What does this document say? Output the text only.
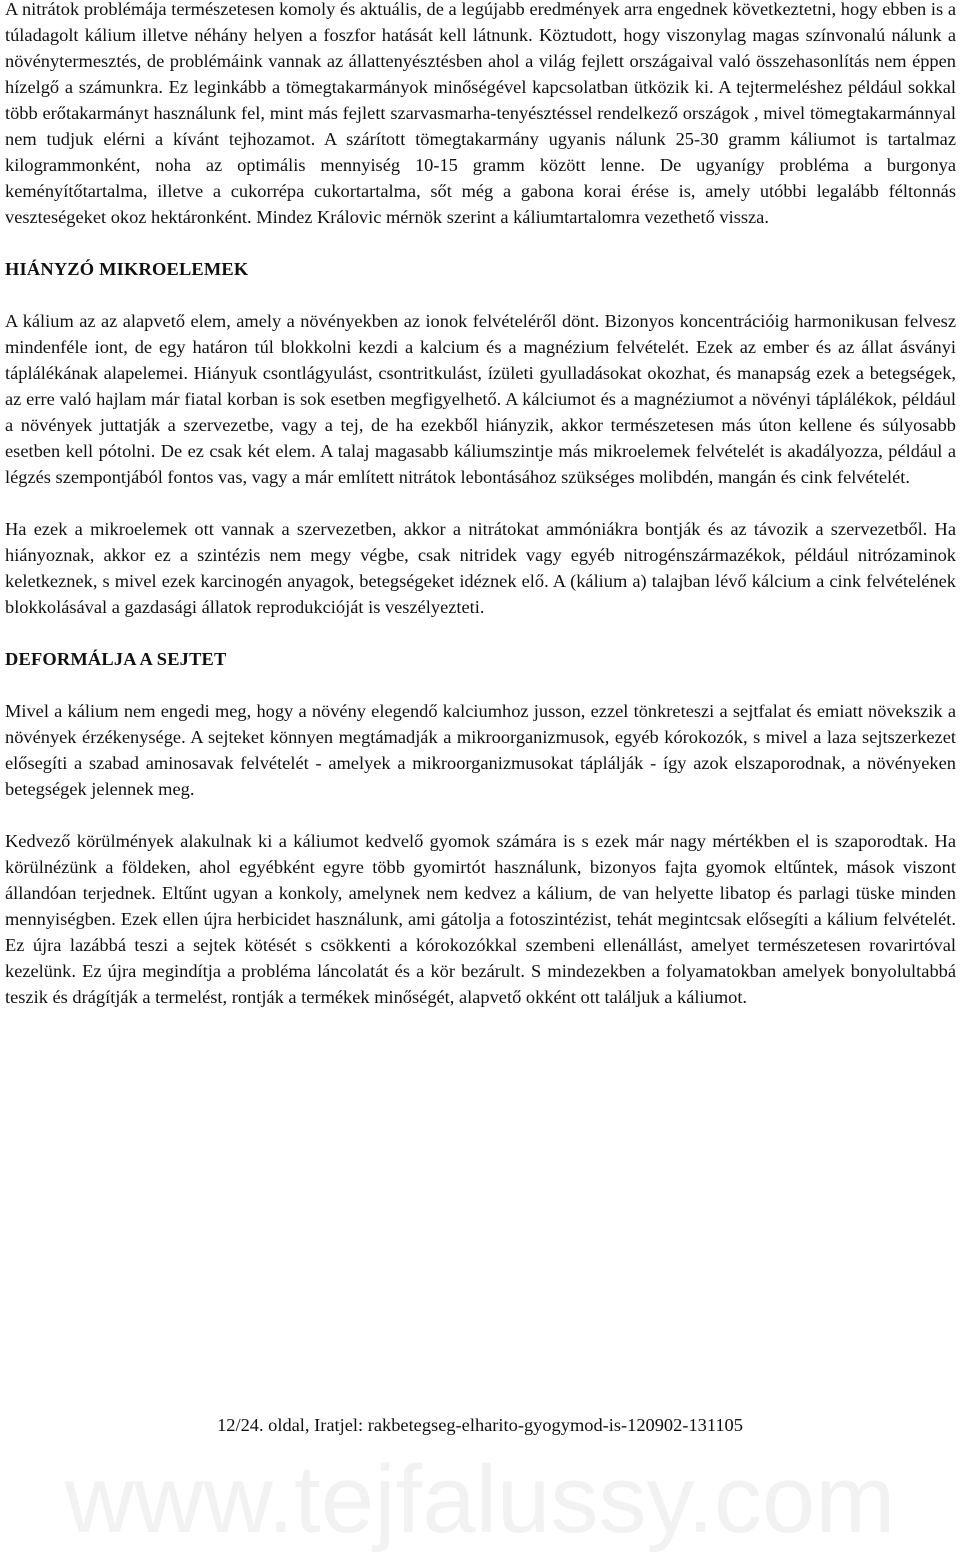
A nitrátok problémája természetesen komoly és aktuális, de a legújabb eredmények arra engednek következtetni, hogy ebben is a túladagolt kálium illetve néhány helyen a foszfor hatását kell látnunk. Köztudott, hogy viszonylag magas színvonalú nálunk a növénytermesztés, de problémáink vannak az állattenyésztésben ahol a világ fejlett országaival való összehasonlítás nem éppen hízelgő a számunkra. Ez leginkább a tömegtakarmányok minőségével kapcsolatban ütközik ki. A tejtermeléshez például sokkal több erőtakarmányt használunk fel, mint más fejlett szarvasmarha-tenyésztéssel rendelkező országok , mivel tömegtakarmánnyal nem tudjuk elérni a kívánt tejhozamot. A szárított tömegtakarmány ugyanis nálunk 25-30 gramm káliumot is tartalmaz kilogrammonként, noha az optimális mennyiség 10-15 gramm között lenne. De ugyanígy probléma a burgonya keményítőtartalma, illetve a cukorrépa cukortartalma, sőt még a gabona korai érése is, amely utóbbi legalább féltonnás veszteségeket okoz hektáronként. Mindez Královic mérnök szerint a káliumtartalomra vezethető vissza.

HIÁNYZÓ MIKROELEMEK

A kálium az az alapvető elem, amely a növényekben az ionok felvételéről dönt. Bizonyos koncentrációig harmonikusan felvesz mindenféle iont, de egy határon túl blokkolni kezdi a kalcium és a magnézium felvételét. Ezek az ember és az állat ásványi táplálékának alapelemei. Hiányuk csontlágyulást, csontritkulást, ízületi gyulladásokat okozhat, és manapság ezek a betegségek, az erre való hajlam már fiatal korban is sok esetben megfigyelhető. A kálciumot és a magnéziumot a növényi táplálékok, például a növények juttatják a szervezetbe, vagy a tej, de ha ezekből hiányzik, akkor természetesen más úton kellene és súlyosabb esetben kell pótolni. De ez csak két elem. A talaj magasabb káliumszintje más mikroelemek felvételét is akadályozza, például a légzés szempontjából fontos vas, vagy a már említett nitrátok lebontásához szükséges molibdén, mangán és cink felvételét.

Ha ezek a mikroelemek ott vannak a szervezetben, akkor a nitrátokat ammóniákra bontják és az távozik a szervezetből. Ha hiányoznak, akkor ez a szintézis nem megy végbe, csak nitridek vagy egyéb nitrogénszármazékok, például nitrózaminok keletkeznek, s mivel ezek karcinogén anyagok, betegségeket idéznek elő. A (kálium a) talajban lévő kálcium a cink felvételének blokkolásával a gazdasági állatok reprodukcióját is veszélyezteti.

DEFORMÁLJA A SEJTET

Mivel a kálium nem engedi meg, hogy a növény elegendő kalciumhoz jusson, ezzel tönkreteszi a sejtfalat és emiatt növekszik a növények érzékenysége. A sejteket könnyen megtámadják a mikroorganizmusok, egyéb kórokozók, s mivel a laza sejtszerkezet elősegíti a szabad aminosavak felvételét - amelyek a mikroorganizmusokat táplálják - így azok elszaporodnak, a növényeken betegségek jelennek meg.

Kedvező körülmények alakulnak ki a káliumot kedvelő gyomok számára is s ezek már nagy mértékben el is szaporodtak. Ha körülnézünk a földeken, ahol egyébként egyre több gyomirtót használunk, bizonyos fajta gyomok eltűntek, mások viszont állandóan terjednek. Eltűnt ugyan a konkoly, amelynek nem kedvez a kálium, de van helyette libatop és parlagi tüske minden mennyiségben. Ezek ellen újra herbicidet használunk, ami gátolja a fotoszintézist, tehát megintcsak elősegíti a kálium felvételét. Ez újra lazábbá teszi a sejtek kötését s csökkenti a kórokozókkal szembeni ellenállást, amelyet természetesen rovarirtóval kezelünk. Ez újra megindítja a probléma láncolatát és a kör bezárult. S mindezekben a folyamatokban amelyek bonyolultabbá teszik és drágítják a termelést, rontják a termékek minőségét, alapvető okként ott találjuk a káliumot.

12/24. oldal, Iratjel: rakbetegseg-elharito-gyogymod-is-120902-131105
www.tejfalussy.com
